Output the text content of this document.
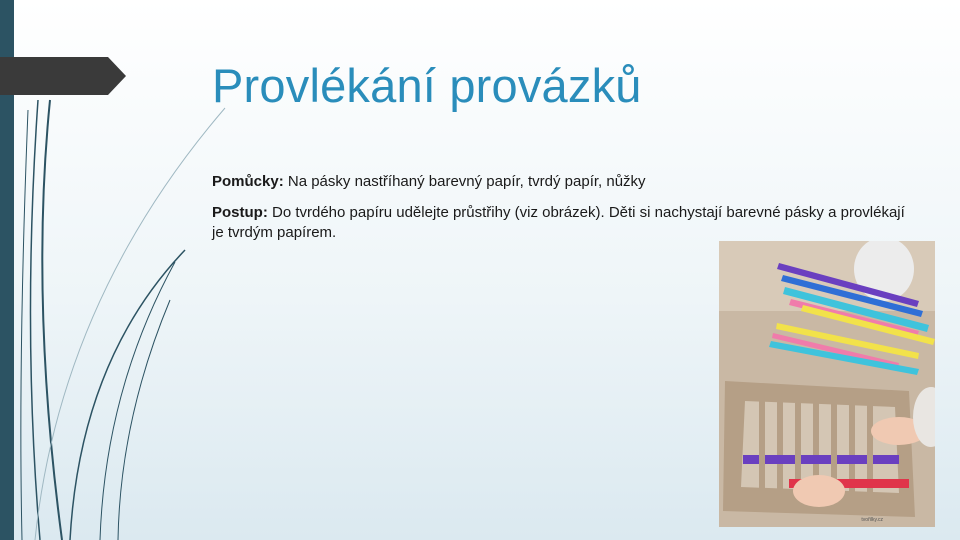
Provlékání provázků

Pomůcky: Na pásky nastříhaný barevný papír, tvrdý papír, nůžky

Postup: Do tvrdého papíru udělejte průstřihy (viz obrázek). Děti si nachystají barevné pásky a provlékají je tvrdým papírem.

tvořilky.cz
